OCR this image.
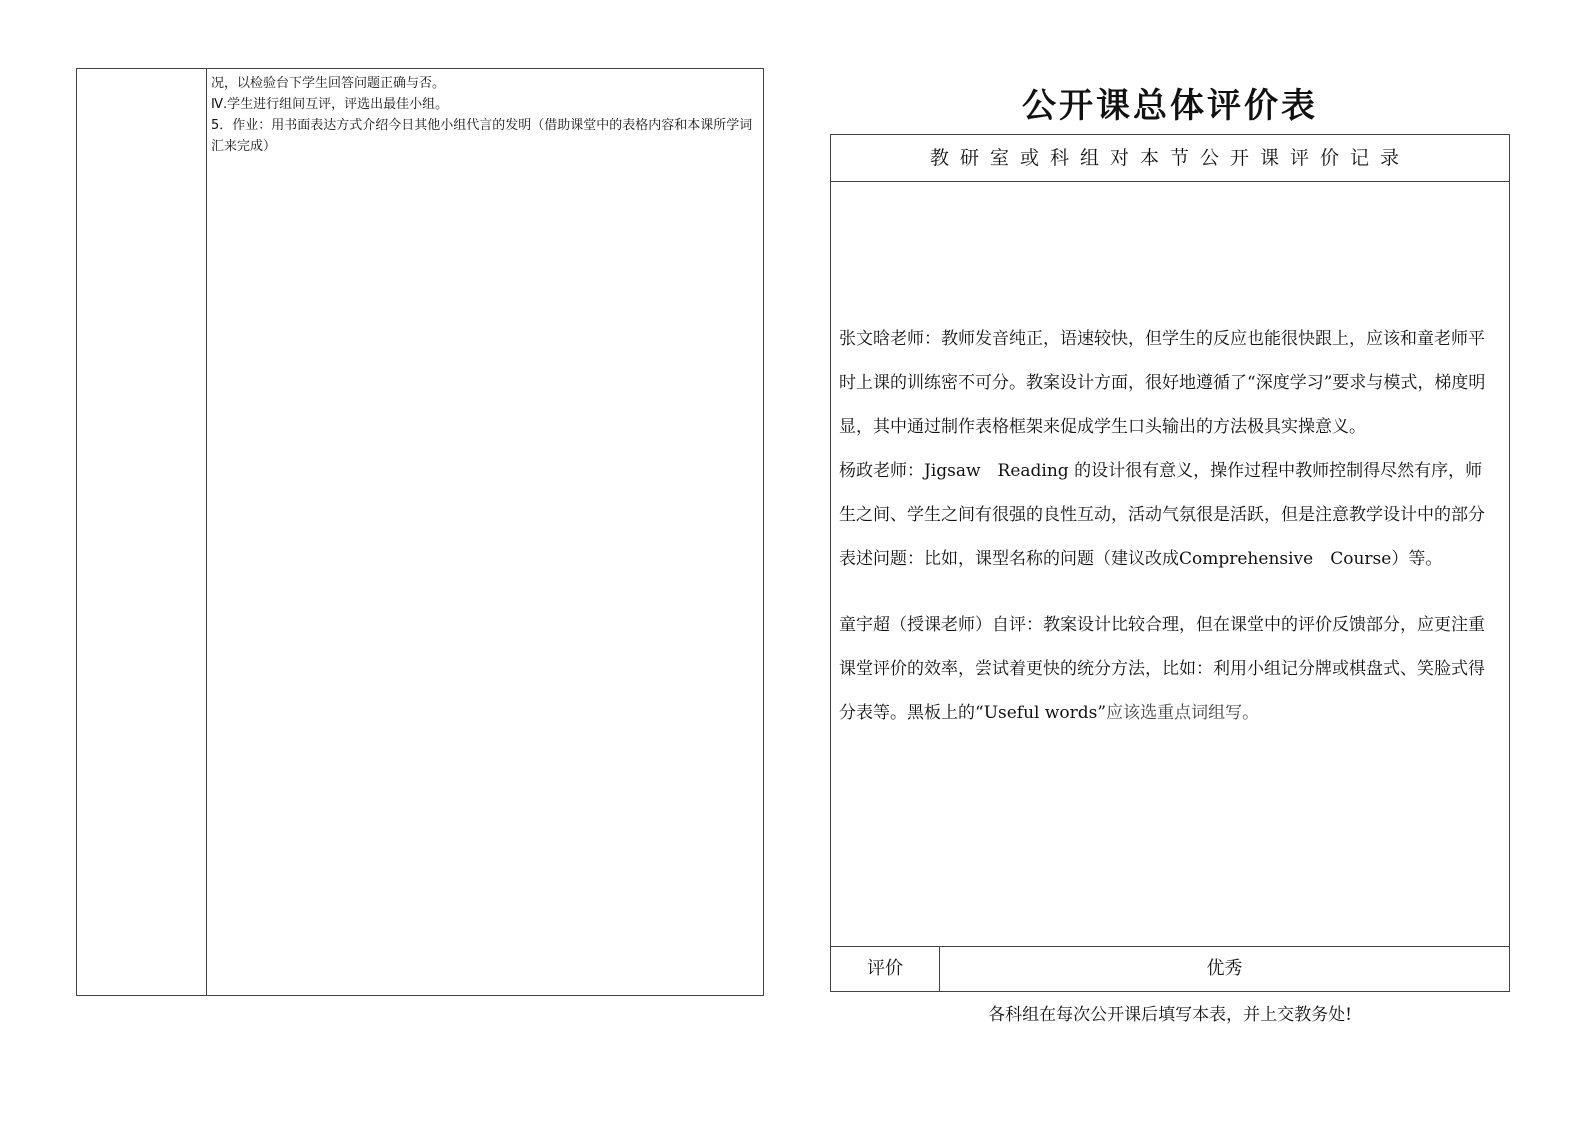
况，以检验台下学生回答问题正确与否。

Ⅳ.学生进行组间互评，评选出最佳小组。

5．作业：用书面表达方式介绍今日其他小组代言的发明（借助课堂中的表格内容和本课所学词汇来完成）

公开课总体评价表
教研室或科组对本节公开课评价记录

张文晗老师：教师发音纯正，语速较快，但学生的反应也能很快跟上，应该和童老师平时上课的训练密不可分。教案设计方面，很好地遵循了“深度学习”要求与模式，梯度明显，其中通过制作表格框架来促成学生口头输出的方法极具实操意义。

杨政老师：Jigsaw　Reading 的设计很有意义，操作过程中教师控制得尽然有序，师生之间、学生之间有很强的良性互动，活动气氛很是活跃，但是注意教学设计中的部分表述问题：比如，课型名称的问题（建议改成Comprehensive　Course）等。

童宇超（授课老师）自评：教案设计比较合理，但在课堂中的评价反馈部分，应更注重课堂评价的效率，尝试着更快的统分方法，比如：利用小组记分牌或棋盘式、笑脸式得分表等。黑板上的“Useful words”应该选重点词组写。

评价	优秀
各科组在每次公开课后填写本表，并上交教务处!
